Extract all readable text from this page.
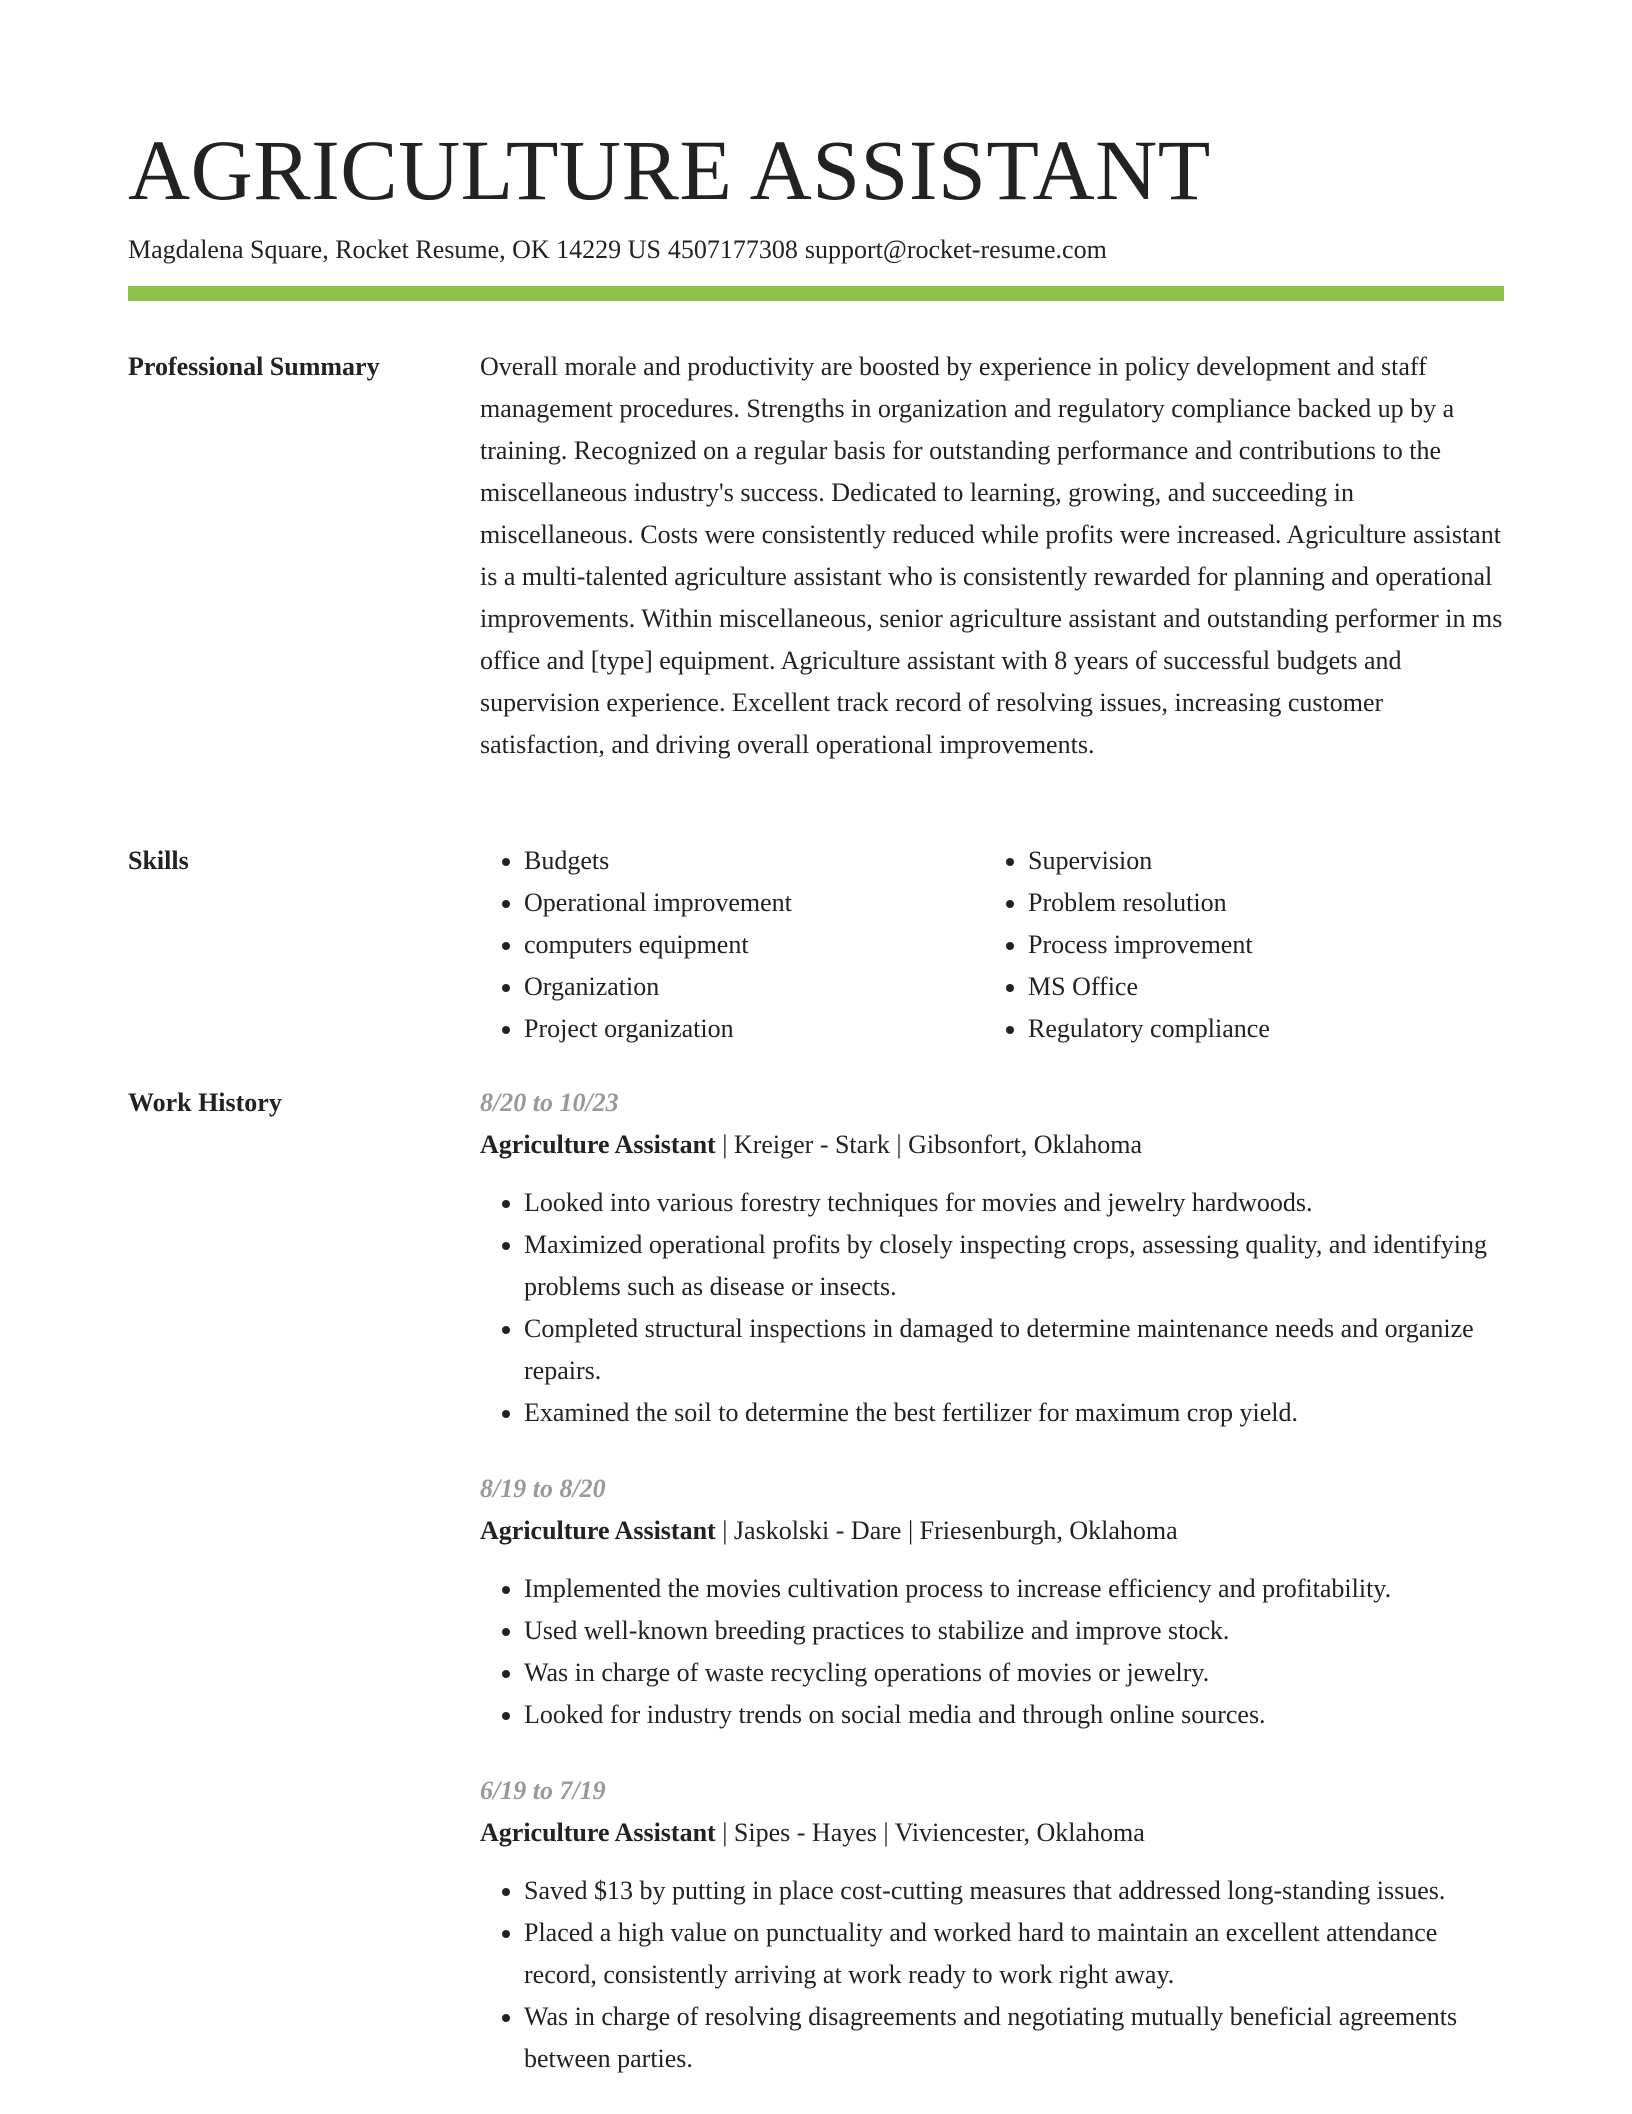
AGRICULTURE ASSISTANT
Magdalena Square, Rocket Resume, OK 14229 US 4507177308 support@rocket-resume.com
Professional Summary	Overall morale and productivity are boosted by experience in policy development and staff management procedures. Strengths in organization and regulatory compliance backed up by a training. Recognized on a regular basis for outstanding performance and contributions to the miscellaneous industry's success. Dedicated to learning, growing, and succeeding in miscellaneous. Costs were consistently reduced while profits were increased. Agriculture assistant is a multi-talented agriculture assistant who is consistently rewarded for planning and operational improvements. Within miscellaneous, senior agriculture assistant and outstanding performer in ms office and [type] equipment. Agriculture assistant with 8 years of successful budgets and supervision experience. Excellent track record of resolving issues, increasing customer satisfaction, and driving overall operational improvements.

Skills
•	Budgets
• Operational improvement
• computers equipment
• Organization
• Project organization
• Supervision
• Problem resolution
• Process improvement
• MS Office
• Regulatory compliance
Work History	8/20 to 10/23
Agriculture Assistant | Kreiger - Stark | Gibsonfort, Oklahoma
• Looked into various forestry techniques for movies and jewelry hardwoods.
• Maximized operational profits by closely inspecting crops, assessing quality, and identifying problems such as disease or insects.
• Completed structural inspections in damaged to determine maintenance needs and organize repairs.
• Examined the soil to determine the best fertilizer for maximum crop yield.
8/19 to 8/20
Agriculture Assistant | Jaskolski - Dare | Friesenburgh, Oklahoma
• Implemented the movies cultivation process to increase efficiency and profitability.
• Used well-known breeding practices to stabilize and improve stock.
• Was in charge of waste recycling operations of movies or jewelry.
• Looked for industry trends on social media and through online sources.
6/19 to 7/19
Agriculture Assistant | Sipes - Hayes | Viviencester, Oklahoma
• Saved $13 by putting in place cost-cutting measures that addressed long-standing issues.
• Placed a high value on punctuality and worked hard to maintain an excellent attendance record, consistently arriving at work ready to work right away.
• Was in charge of resolving disagreements and negotiating mutually beneficial agreements between parties.
